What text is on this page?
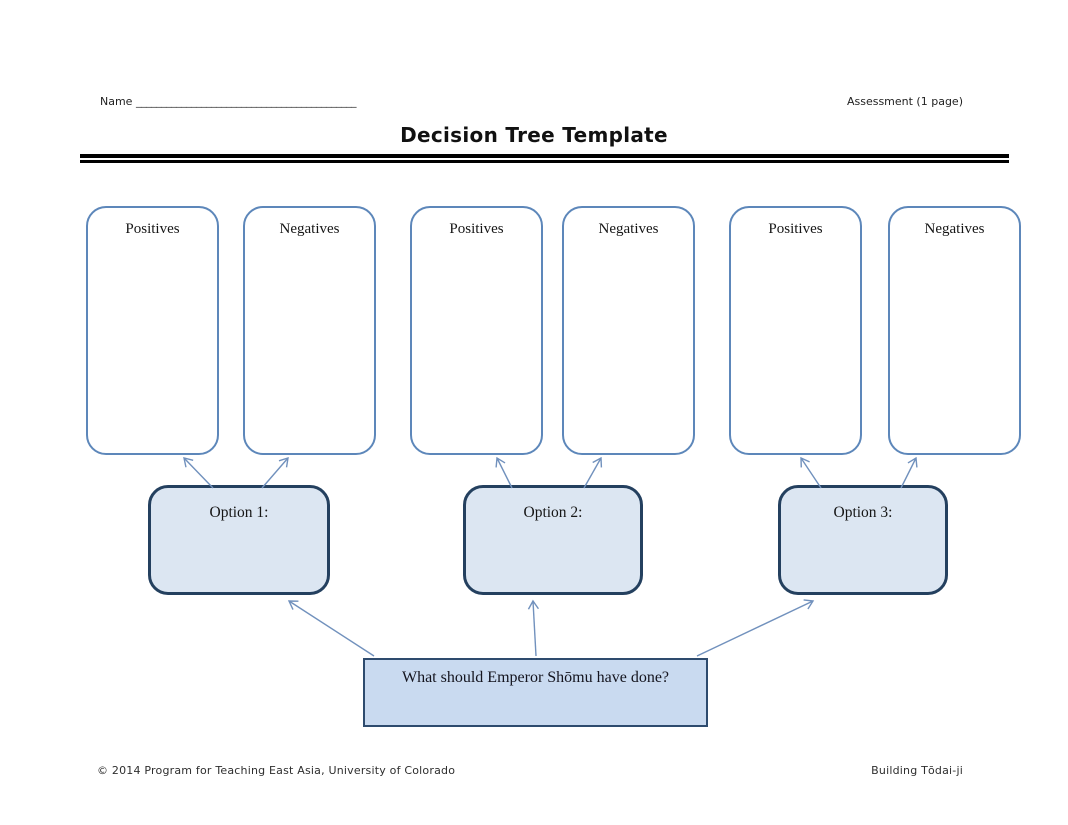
Name ____________________________________________	Assessment (1 page)
Decision Tree Template
Positives	Negatives	Positives	Negatives	Positives	Negatives
Option 1:	Option 2:	Option 3:
What should Emperor Shōmu have done?
© 2014 Program for Teaching East Asia, University of Colorado	Building Tōdai-ji
